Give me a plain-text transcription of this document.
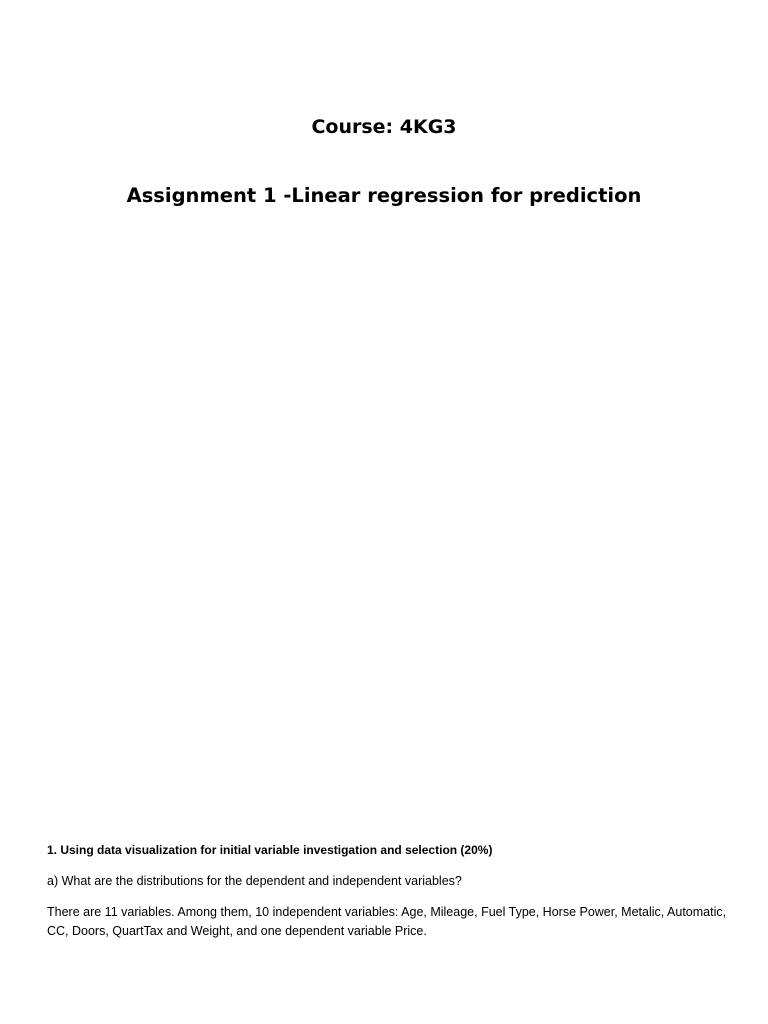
Course: 4KG3
Assignment 1 -Linear regression for prediction

1. Using data visualization for initial variable investigation and selection (20%)

a) What are the distributions for the dependent and independent variables?

There are 11 variables. Among them, 10 independent variables: Age, Mileage, Fuel Type, Horse Power, Metalic, Automatic, CC, Doors, QuartTax and Weight, and one dependent variable Price.
